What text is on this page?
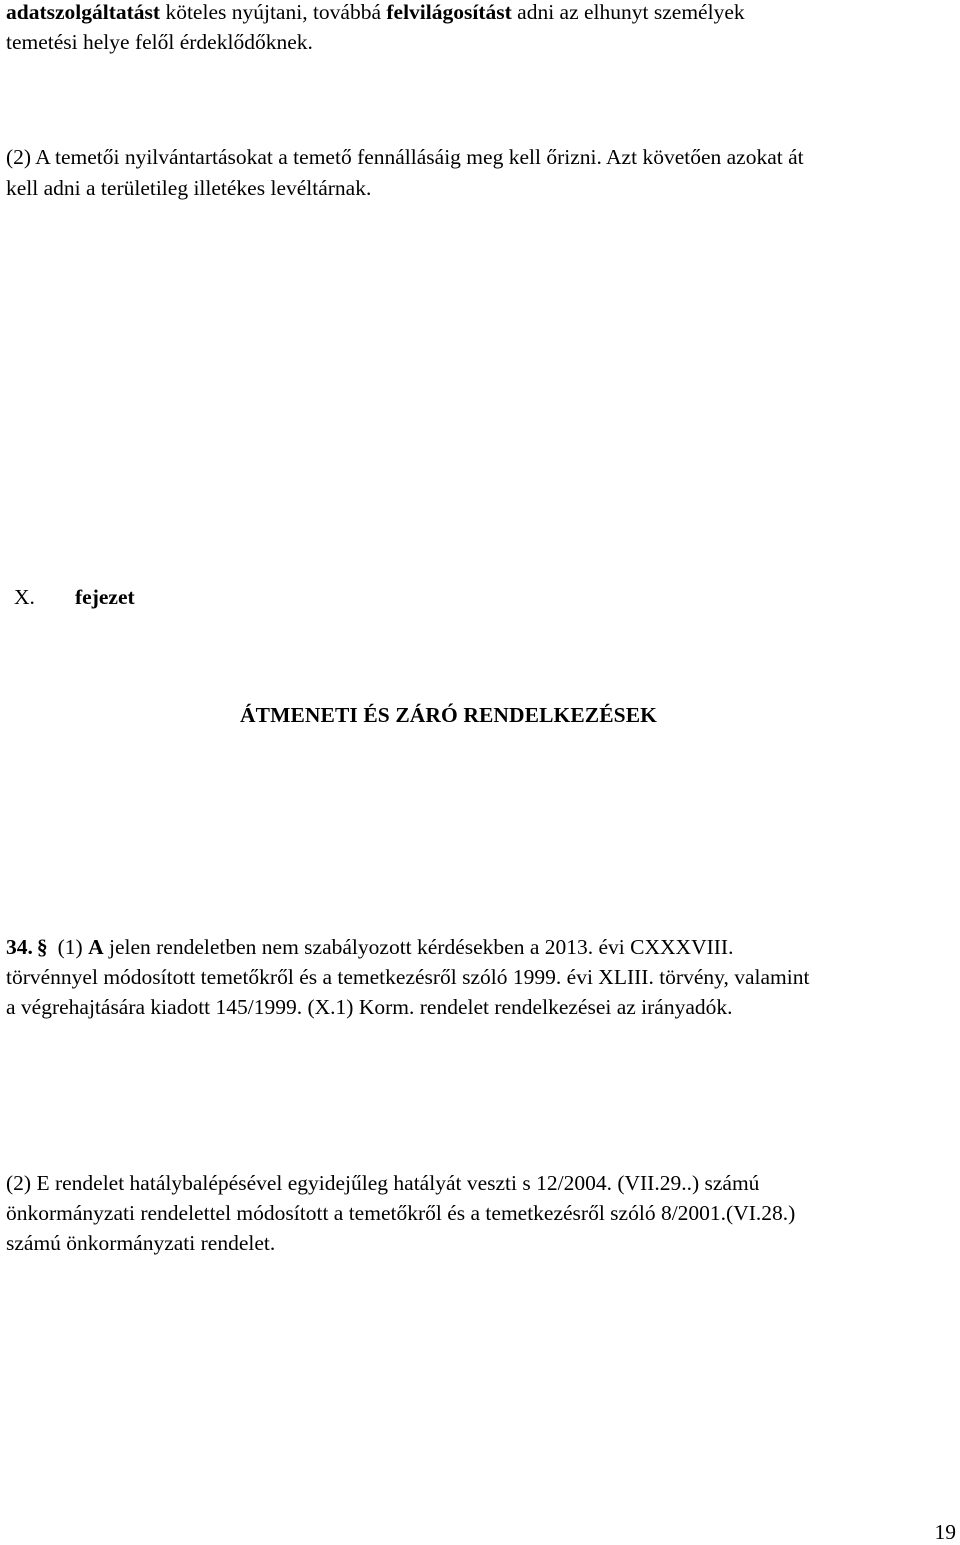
adatszolgáltatást köteles nyújtani, továbbá felvilágosítást adni az elhunyt személyek
temetési helye felől érdeklődőknek.
(2) A temetői nyilvántartásokat a temető fennállásáig meg kell őrizni. Azt követően azokat át
kell adni a területileg illetékes levéltárnak.
X. fejezet
ÁTMENETI ÉS ZÁRÓ RENDELKEZÉSEK
34. § (1) A jelen rendeletben nem szabályozott kérdésekben a 2013. évi CXXXVIII.
törvénnyel módosított temetőkről és a temetkezésről szóló 1999. évi XLIII. törvény, valamint
a végrehajtására kiadott 145/1999. (X.1) Korm. rendelet rendelkezései az irányadók.
(2) E rendelet hatálybalépésével egyidejűleg hatályát veszti s 12/2004. (VII.29..) számú
önkormányzati rendelettel módosított a temetőkről és a temetkezésről szóló 8/2001.(VI.28.)
számú önkormányzati rendelet.
19
